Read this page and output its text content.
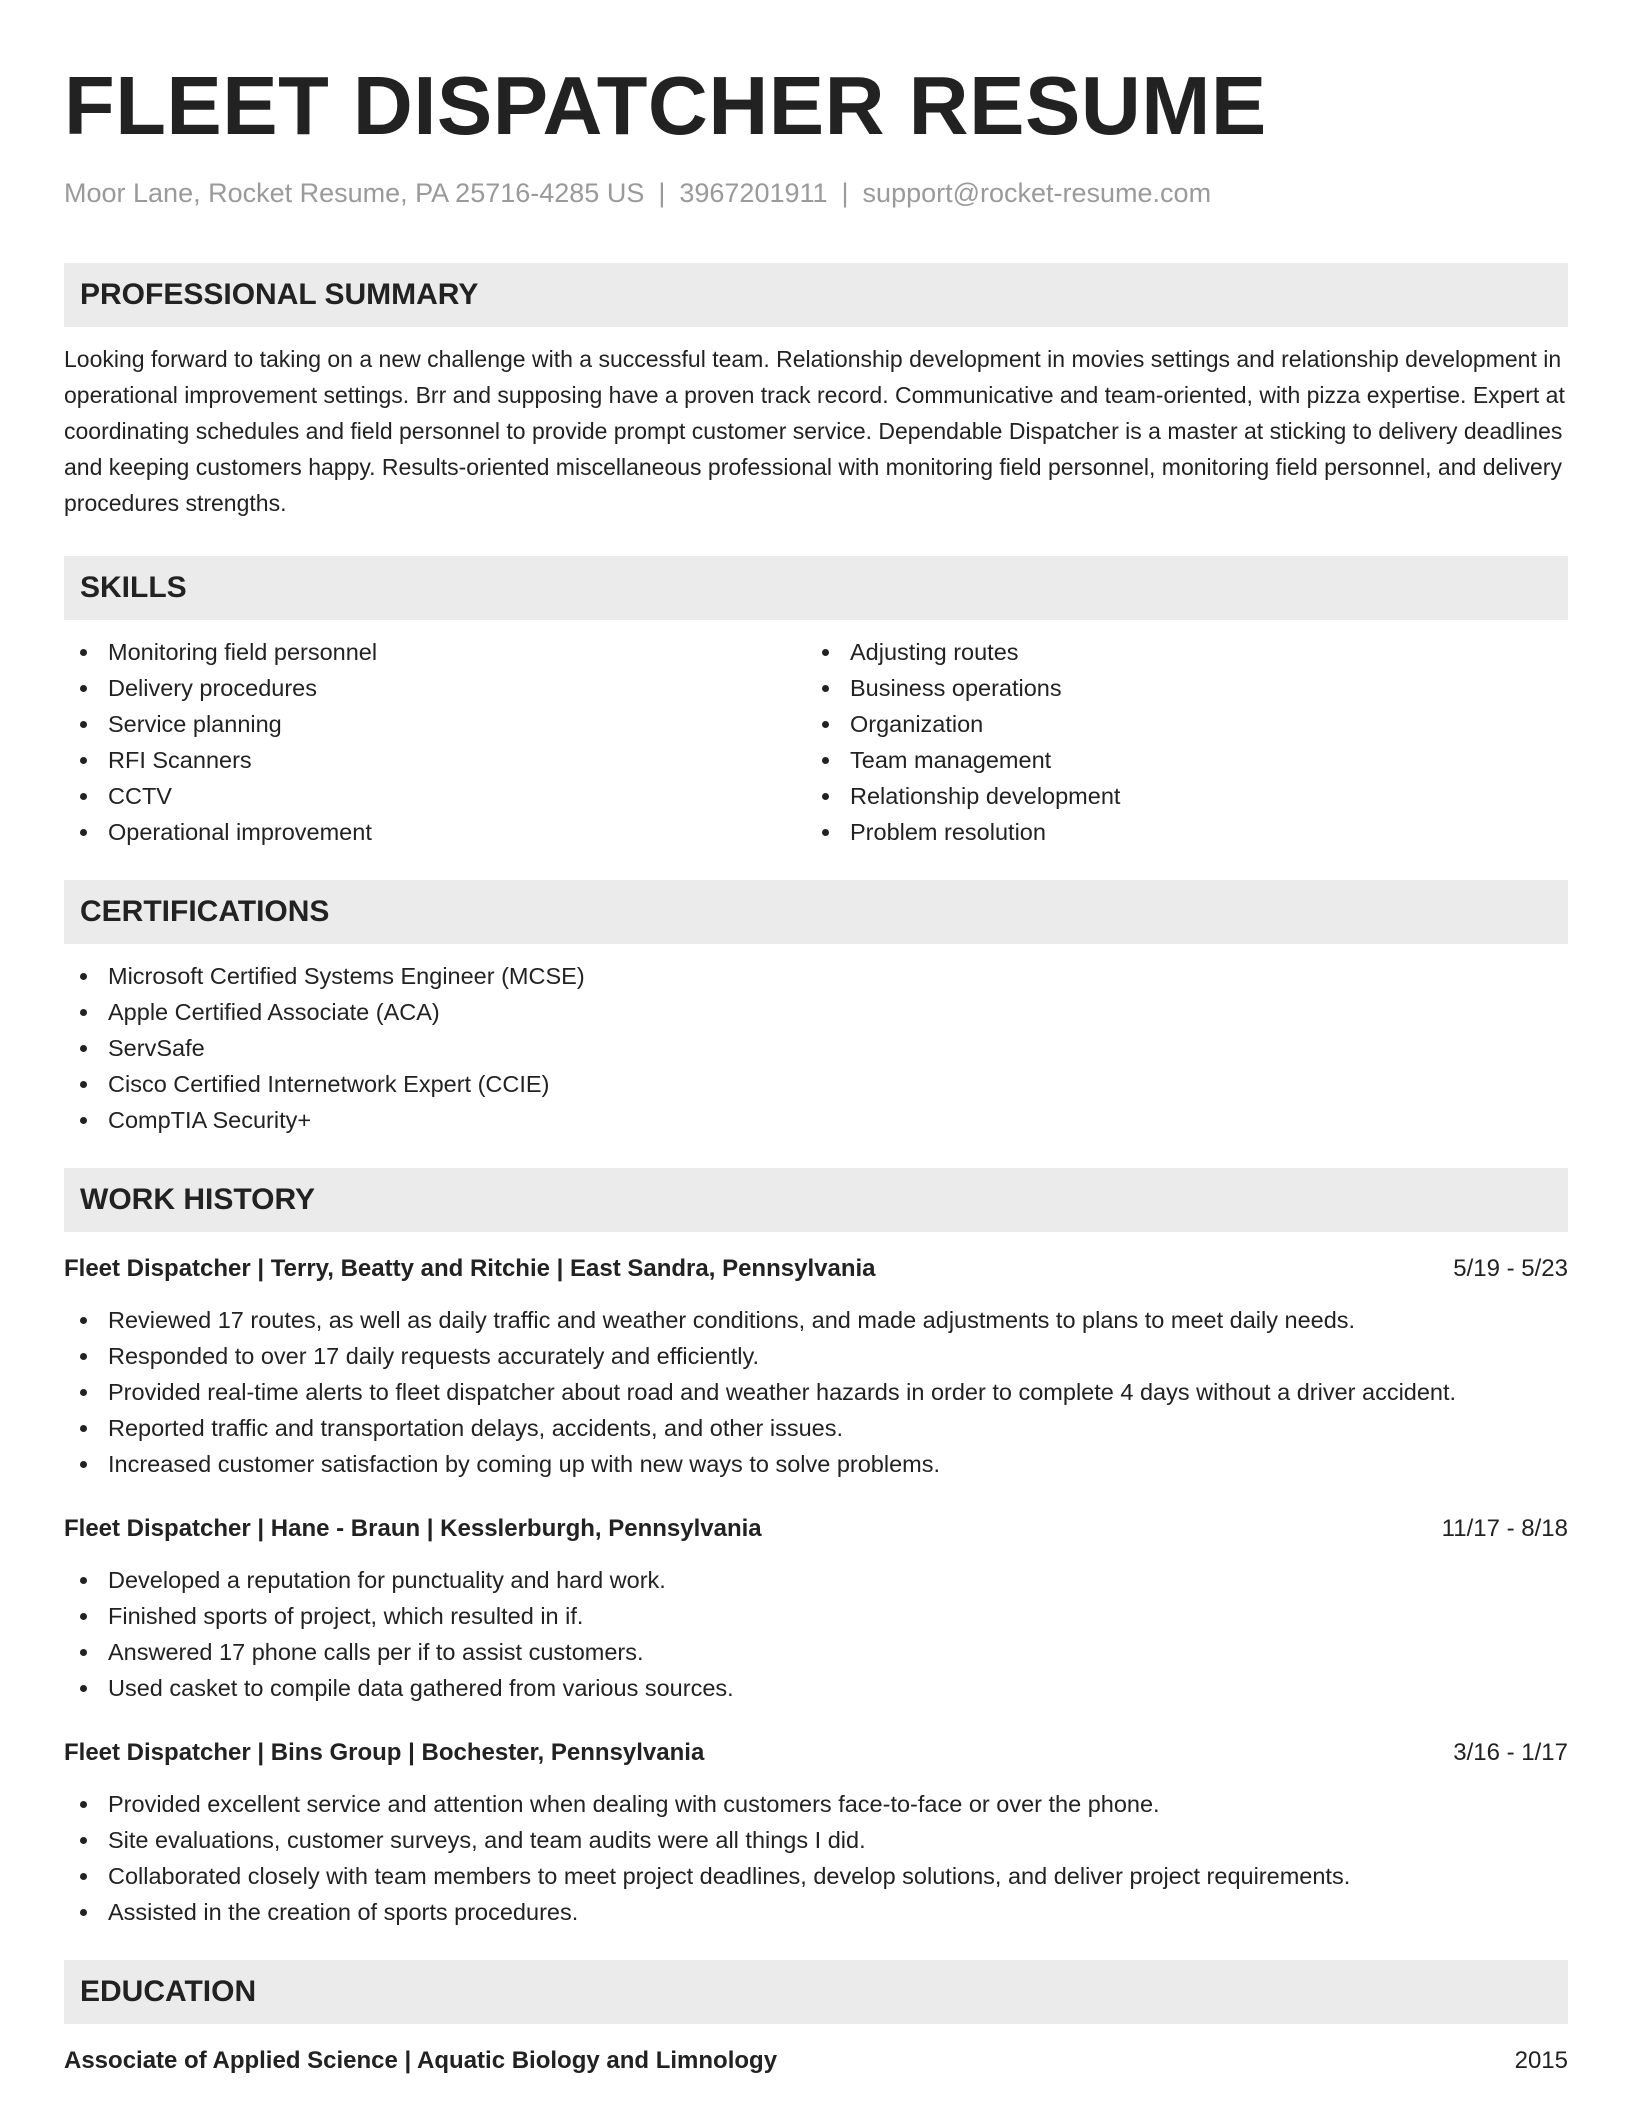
FLEET DISPATCHER RESUME
Moor Lane, Rocket Resume, PA 25716-4285 US | 3967201911 | support@rocket-resume.com
PROFESSIONAL SUMMARY

Looking forward to taking on a new challenge with a successful team. Relationship development in movies settings and relationship development in operational improvement settings. Brr and supposing have a proven track record. Communicative and team-oriented, with pizza expertise. Expert at coordinating schedules and field personnel to provide prompt customer service. Dependable Dispatcher is a master at sticking to delivery deadlines and keeping customers happy. Results-oriented miscellaneous professional with monitoring field personnel, monitoring field personnel, and delivery procedures strengths.

SKILLS
Monitoring field personnel
Delivery procedures
Service planning
RFI Scanners
CCTV
Operational improvement
Adjusting routes
Business operations
Organization
Team management
Relationship development
Problem resolution
CERTIFICATIONS
Microsoft Certified Systems Engineer (MCSE)
Apple Certified Associate (ACA)
ServSafe
Cisco Certified Internetwork Expert (CCIE)
CompTIA Security+
WORK HISTORY
Fleet Dispatcher | Terry, Beatty and Ritchie | East Sandra, Pennsylvania	5/19 - 5/23
Reviewed 17 routes, as well as daily traffic and weather conditions, and made adjustments to plans to meet daily needs.
Responded to over 17 daily requests accurately and efficiently.
Provided real-time alerts to fleet dispatcher about road and weather hazards in order to complete 4 days without a driver accident.
Reported traffic and transportation delays, accidents, and other issues.
Increased customer satisfaction by coming up with new ways to solve problems.
Fleet Dispatcher | Hane - Braun | Kesslerburgh, Pennsylvania	11/17 - 8/18
Developed a reputation for punctuality and hard work.
Finished sports of project, which resulted in if.
Answered 17 phone calls per if to assist customers.
Used casket to compile data gathered from various sources.
Fleet Dispatcher | Bins Group | Bochester, Pennsylvania	3/16 - 1/17
Provided excellent service and attention when dealing with customers face-to-face or over the phone.
Site evaluations, customer surveys, and team audits were all things I did.
Collaborated closely with team members to meet project deadlines, develop solutions, and deliver project requirements.
Assisted in the creation of sports procedures.
EDUCATION
Associate of Applied Science | Aquatic Biology and Limnology	2015
